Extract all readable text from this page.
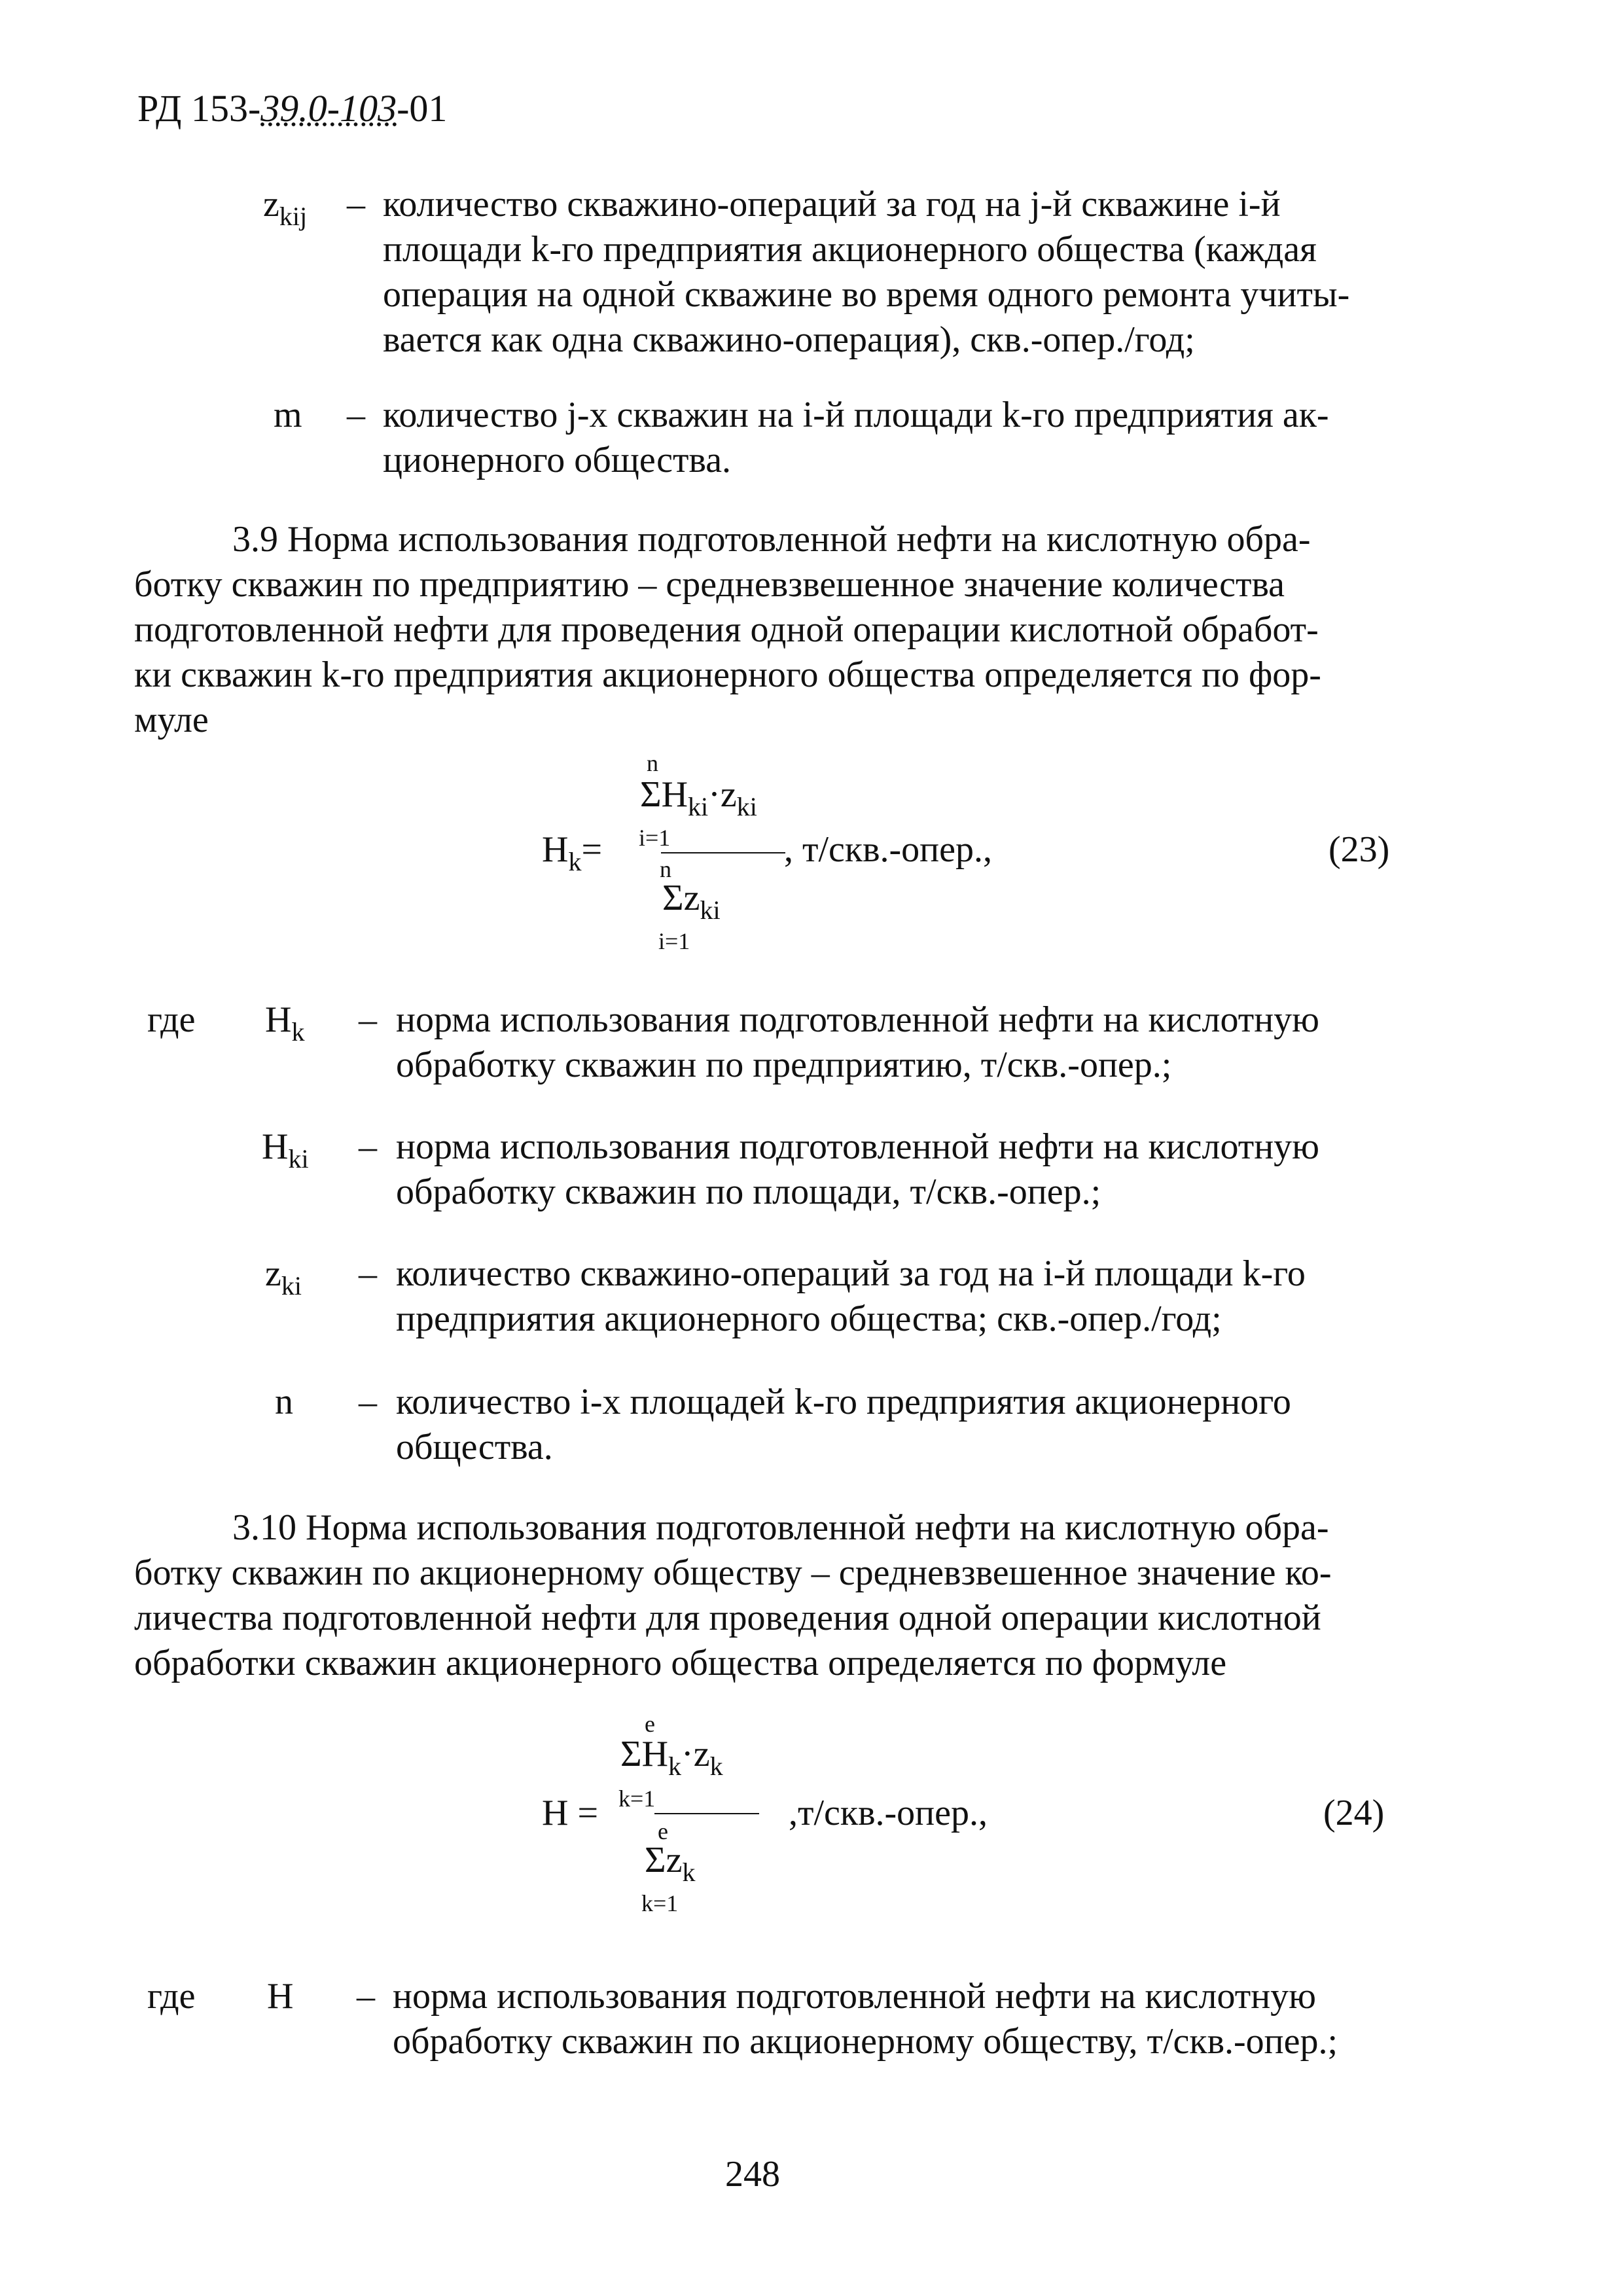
РД 153-39.0-103-01
$z_{kij}$ – количество скважино-операций за год на j-й скважине i-й
площади k-го предприятия акционерного общества (каждая
операция на одной скважине во время одного ремонта учиты-
вается как одна скважино-операция), скв.-опер./год;
m – количество j-х скважин на i-й площади k-го предприятия ак-
ционерного общества.
3.9 Норма использования подготовленной нефти на кислотную обра-
ботку скважин по предприятию – средневзвешенное значение количества
подготовленной нефти для проведения одной операции кислотной обработ-
ки скважин k-го предприятия акционерного общества определяется по фор-
муле
n
$\Sigma H_{ki}\cdot z_{ki}$
i=1
$H_k= n$
$\Sigma z_{ki}$
i=1
, т/скв.-опер.,	(23)
где $H_k$ – норма использования подготовленной нефти на кислотную
обработку скважин по предприятию, т/скв.-опер.;
$H_{ki}$ – норма использования подготовленной нефти на кислотную
обработку скважин по площади, т/скв.-опер.;
$z_{ki}$ – количество скважино-операций за год на i-й площади k-го
предприятия акционерного общества; скв.-опер./год;
n – количество i-х площадей k-го предприятия акционерного
общества.
3.10 Норма использования подготовленной нефти на кислотную обра-
ботку скважин по акционерному обществу – средневзвешенное значение ко-
личества подготовленной нефти для проведения одной операции кислотной
обработки скважин акционерного общества определяется по формуле
e
$\Sigma H_k\cdot z_k$
k=1
H =	e
$\Sigma z_k$
k=1
,т/скв.-опер.,	(24)
где H – норма использования подготовленной нефти на кислотную
обработку скважин по акционерному обществу, т/скв.-опер.;
248
